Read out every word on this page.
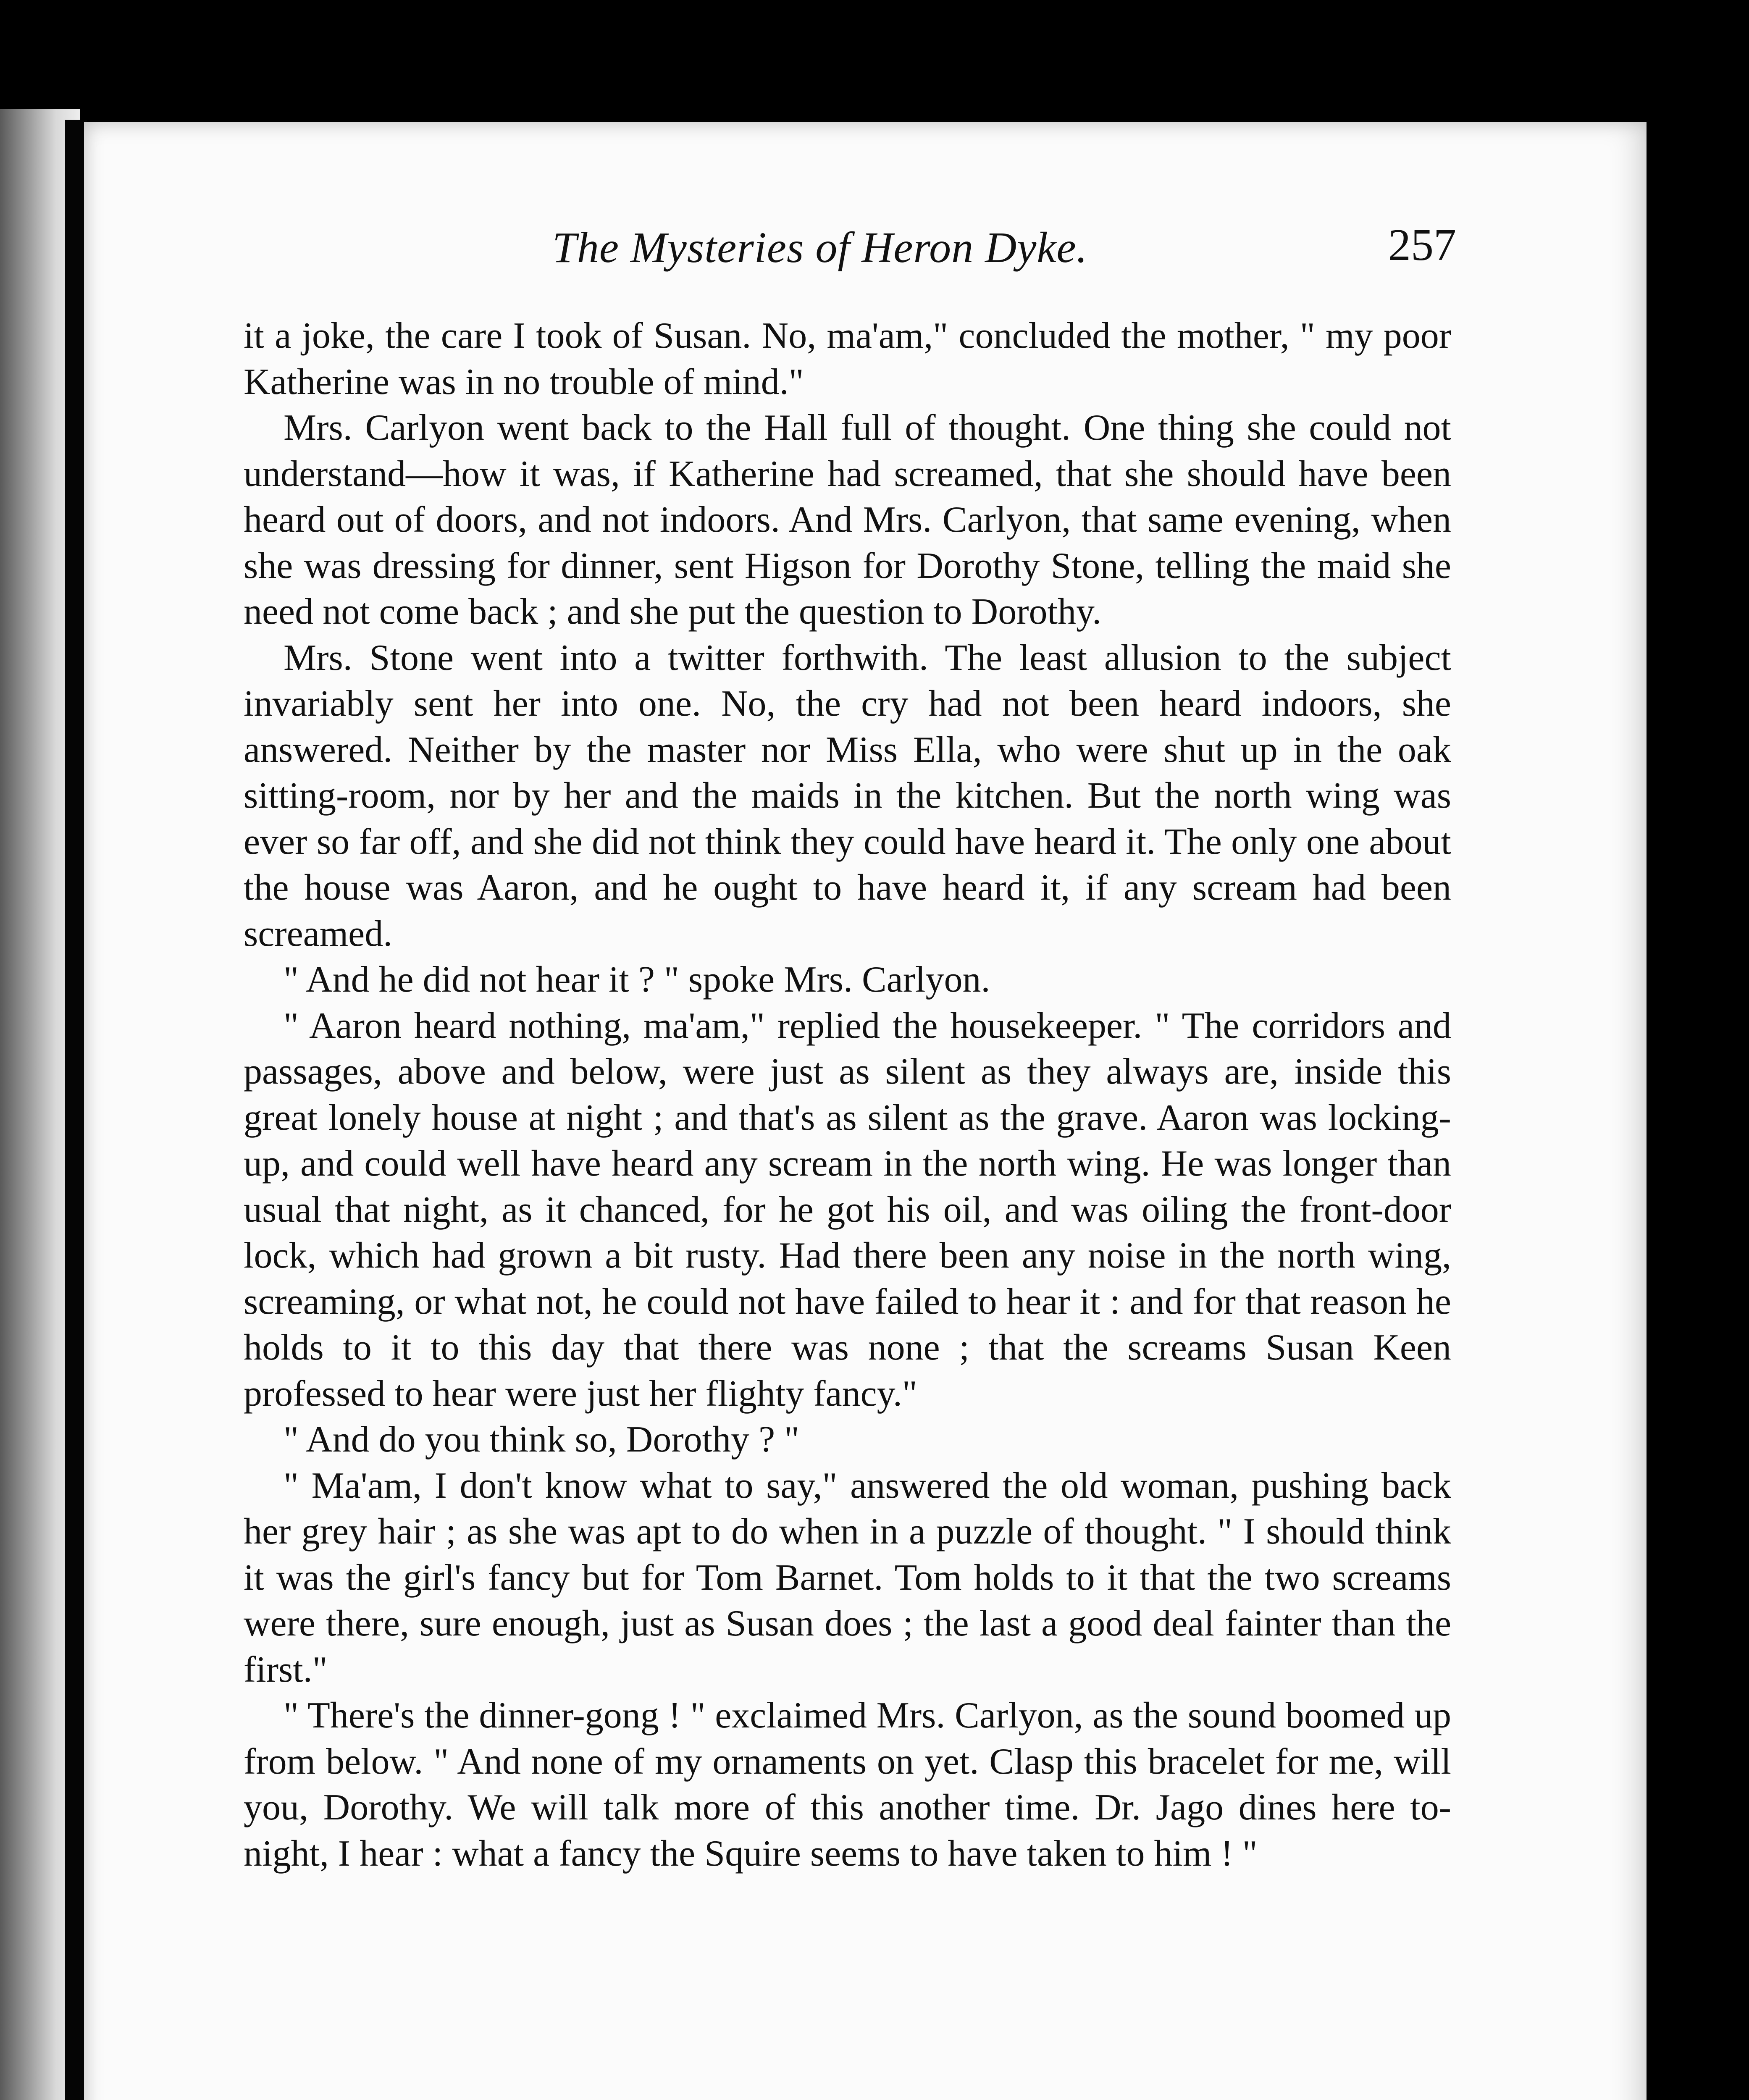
The Mysteries of Heron Dyke.	257

it a joke, the care I took of Susan. No, ma'am," concluded the mother, " my poor Katherine was in no trouble of mind."

Mrs. Carlyon went back to the Hall full of thought. One thing she could not understand—how it was, if Katherine had screamed, that she should have been heard out of doors, and not indoors. And Mrs. Carlyon, that same evening, when she was dressing for dinner, sent Higson for Dorothy Stone, telling the maid she need not come back ; and she put the question to Dorothy.

Mrs. Stone went into a twitter forthwith. The least allusion to the subject invariably sent her into one. No, the cry had not been heard indoors, she answered. Neither by the master nor Miss Ella, who were shut up in the oak sitting-room, nor by her and the maids in the kitchen. But the north wing was ever so far off, and she did not think they could have heard it. The only one about the house was Aaron, and he ought to have heard it, if any scream had been screamed.

" And he did not hear it ? " spoke Mrs. Carlyon.

" Aaron heard nothing, ma'am," replied the housekeeper. " The corridors and passages, above and below, were just as silent as they always are, inside this great lonely house at night ; and that's as silent as the grave. Aaron was locking-up, and could well have heard any scream in the north wing. He was longer than usual that night, as it chanced, for he got his oil, and was oiling the front-door lock, which had grown a bit rusty. Had there been any noise in the north wing, screaming, or what not, he could not have failed to hear it : and for that reason he holds to it to this day that there was none ; that the screams Susan Keen professed to hear were just her flighty fancy."

" And do you think so, Dorothy ? "

" Ma'am, I don't know what to say," answered the old woman, pushing back her grey hair ; as she was apt to do when in a puzzle of thought. " I should think it was the girl's fancy but for Tom Barnet. Tom holds to it that the two screams were there, sure enough, just as Susan does ; the last a good deal fainter than the first."

" There's the dinner-gong ! " exclaimed Mrs. Carlyon, as the sound boomed up from below. " And none of my ornaments on yet. Clasp this bracelet for me, will you, Dorothy. We will talk more of this another time. Dr. Jago dines here to-night, I hear : what a fancy the Squire seems to have taken to him ! "
